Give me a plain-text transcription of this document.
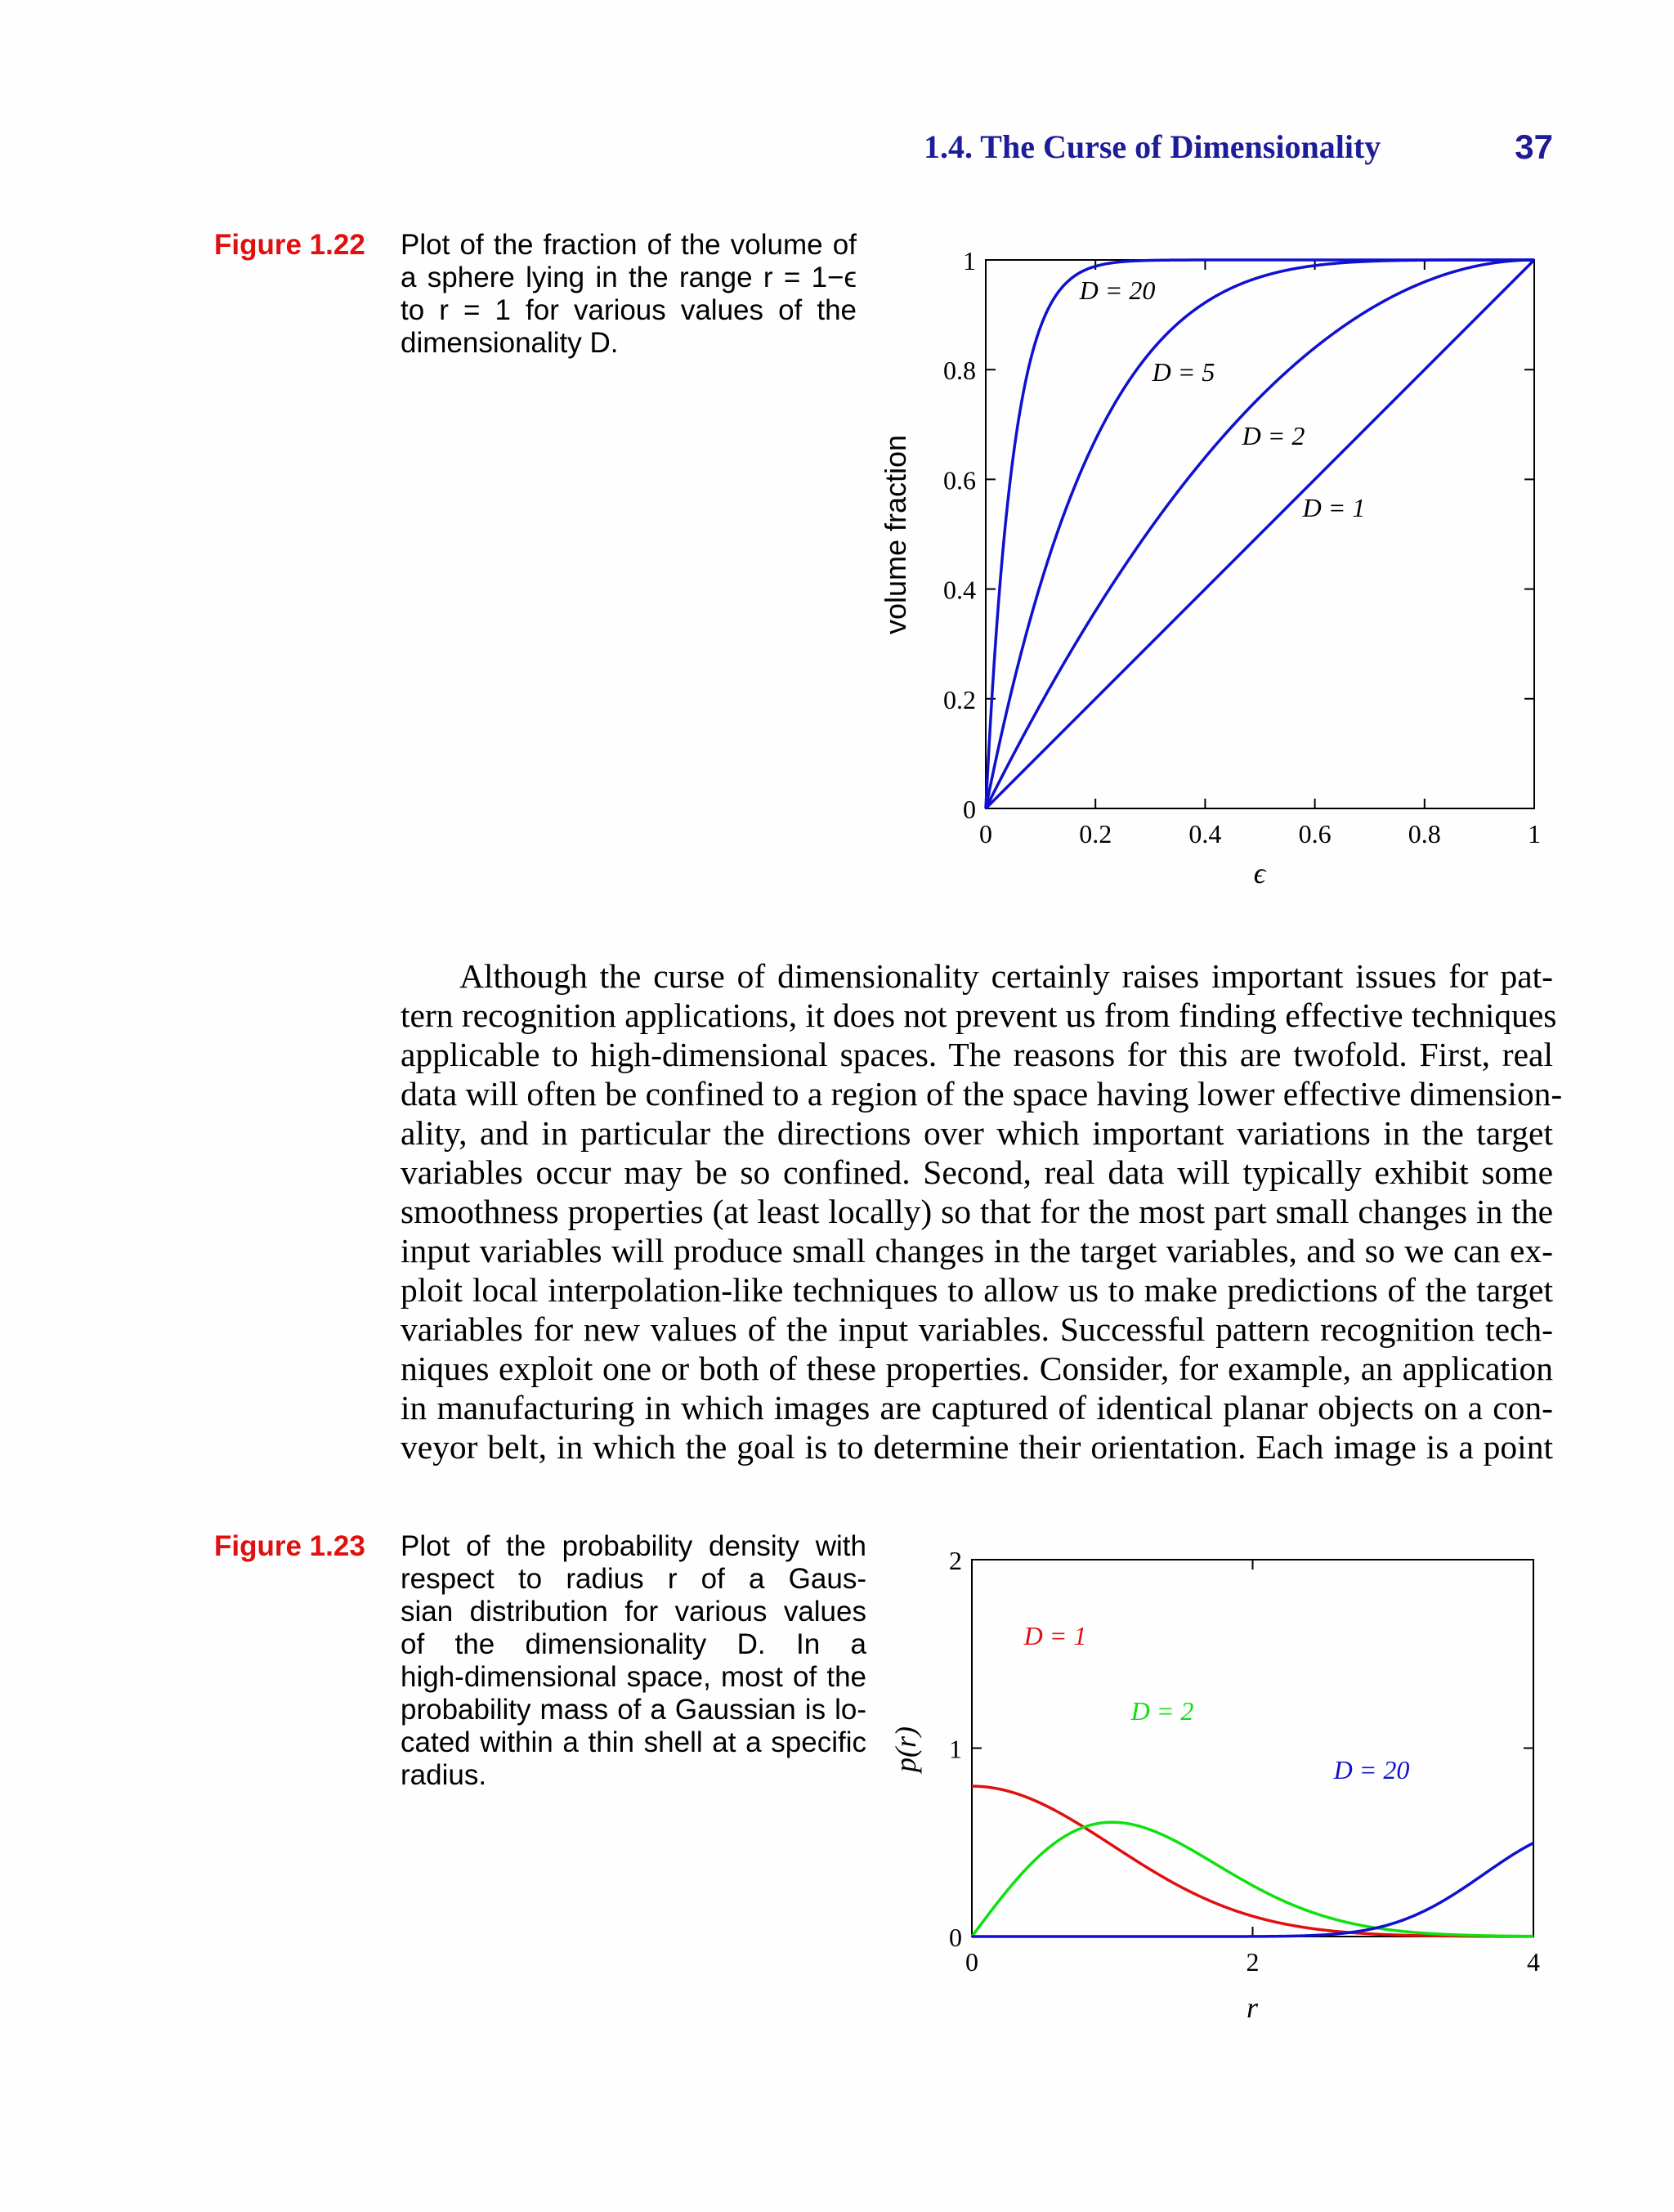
1.4. The Curse of Dimensionality	37
Figure 1.22 Plot of the fraction of the volume of
a sphere lying in the range r = 1−ϵ
to r = 1 for various values of the
dimensionality D.
0	0.2	0.4	0.6	0.8	1
0
0.2
0.4
0.6
0.8
1
ϵ
volume fraction
D = 20
D = 5
D = 2
D = 1
0	2	4
0
1
2
r
p(r)
D = 1
D = 2
D = 20
Although the curse of dimensionality certainly raises important issues for pat-
tern recognition applications, it does not prevent us from finding effective techniques
applicable to high-dimensional spaces. The reasons for this are twofold. First, real
data will often be confined to a region of the space having lower effective dimension-
ality, and in particular the directions over which important variations in the target
variables occur may be so confined. Second, real data will typically exhibit some
smoothness properties (at least locally) so that for the most part small changes in the
input variables will produce small changes in the target variables, and so we can ex-
ploit local interpolation-like techniques to allow us to make predictions of the target
variables for new values of the input variables. Successful pattern recognition tech-
niques exploit one or both of these properties. Consider, for example, an application
in manufacturing in which images are captured of identical planar objects on a con-
veyor belt, in which the goal is to determine their orientation. Each image is a point
Figure 1.23 Plot of the probability density with
respect to radius r of a Gaus-
sian distribution for various values
of the dimensionality D. In a
high-dimensional space, most of the
probability mass of a Gaussian is lo-
cated within a thin shell at a specific
radius.
